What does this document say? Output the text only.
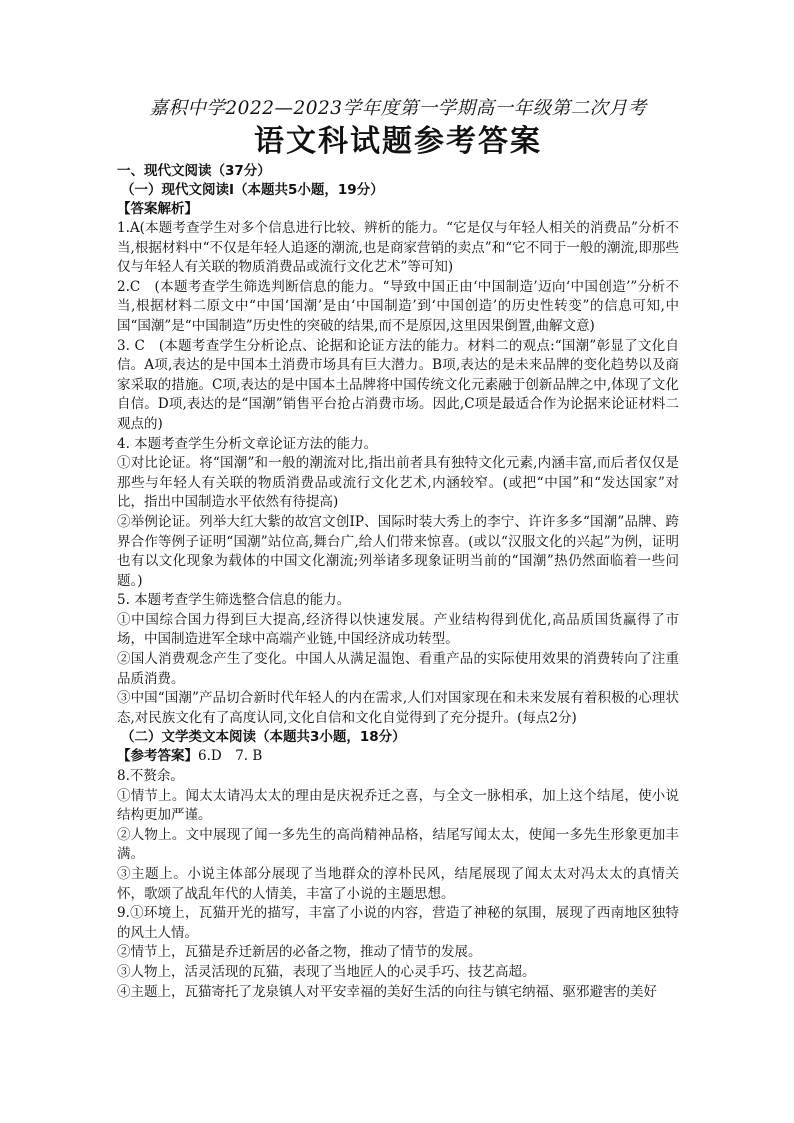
嘉积中学2022—2023学年度第一学期高一年级第二次月考

语文科试题参考答案

一、现代文阅读（37分）

（一）现代文阅读Ⅰ（本题共5小题，19分）

【答案解析】

1.A(本题考查学生对多个信息进行比较、辨析的能力。“它是仅与年轻人相关的消费品”分析不当,根据材料中“不仅是年轻人追逐的潮流,也是商家营销的卖点”和“它不同于一般的潮流,即那些仅与年轻人有关联的物质消费品或流行文化艺术”等可知)

2.C　(本题考查学生筛选判断信息的能力。“导致中国正由‘中国制造’迈向‘中国创造’”分析不当,根据材料二原文中“中国‘国潮’是由‘中国制造’到‘中国创造’的历史性转变”的信息可知,中国“国潮”是“中国制造”历史性的突破的结果,而不是原因,这里因果倒置,曲解文意)

3. C　(本题考查学生分析论点、论据和论证方法的能力。材料二的观点:“国潮”彰显了文化自信。A项,表达的是中国本土消费市场具有巨大潜力。B项,表达的是未来品牌的变化趋势以及商家采取的措施。C项,表达的是中国本土品牌将中国传统文化元素融于创新品牌之中,体现了文化自信。D项,表达的是“国潮”销售平台抢占消费市场。因此,C项是最适合作为论据来论证材料二观点的)

4. 本题考查学生分析文章论证方法的能力。

①对比论证。将“国潮”和一般的潮流对比,指出前者具有独特文化元素,内涵丰富,而后者仅仅是那些与年轻人有关联的物质消费品或流行文化艺术,内涵较窄。(或把“中国”和“发达国家”对比，指出中国制造水平依然有待提高)

②举例论证。列举大红大紫的故宫文创IP、国际时装大秀上的李宁、许许多多“国潮”品牌、跨界合作等例子证明“国潮”站位高,舞台广,给人们带来惊喜。(或以“汉服文化的兴起”为例，证明也有以文化现象为载体的中国文化潮流;列举诸多现象证明当前的“国潮”热仍然面临着一些问题。)

5. 本题考查学生筛选整合信息的能力。

①中国综合国力得到巨大提高,经济得以快速发展。产业结构得到优化,高品质国货赢得了市场，中国制造进军全球中高端产业链,中国经济成功转型。

②国人消费观念产生了变化。中国人从满足温饱、看重产品的实际使用效果的消费转向了注重品质消费。

③中国“国潮”产品切合新时代年轻人的内在需求,人们对国家现在和未来发展有着积极的心理状态,对民族文化有了高度认同,文化自信和文化自觉得到了充分提升。(每点2分)

（二）文学类文本阅读（本题共3小题，18分）

【参考答案】6.D　7. B

8.不赘余。

①情节上。闻太太请冯太太的理由是庆祝乔迁之喜，与全文一脉相承，加上这个结尾，使小说结构更加严谨。

②人物上。文中展现了闻一多先生的高尚精神品格，结尾写闻太太，使闻一多先生形象更加丰满。

③主题上。小说主体部分展现了当地群众的淳朴民风，结尾展现了闻太太对冯太太的真情关怀，歌颂了战乱年代的人情美，丰富了小说的主题思想。

9.①环境上，瓦猫开光的描写，丰富了小说的内容，营造了神秘的氛围，展现了西南地区独特的风土人情。

②情节上，瓦猫是乔迁新居的必备之物，推动了情节的发展。

③人物上，活灵活现的瓦猫，表现了当地匠人的心灵手巧、技艺高超。

④主题上，瓦猫寄托了龙泉镇人对平安幸福的美好生活的向往与镇宅纳福、驱邪避害的美好
